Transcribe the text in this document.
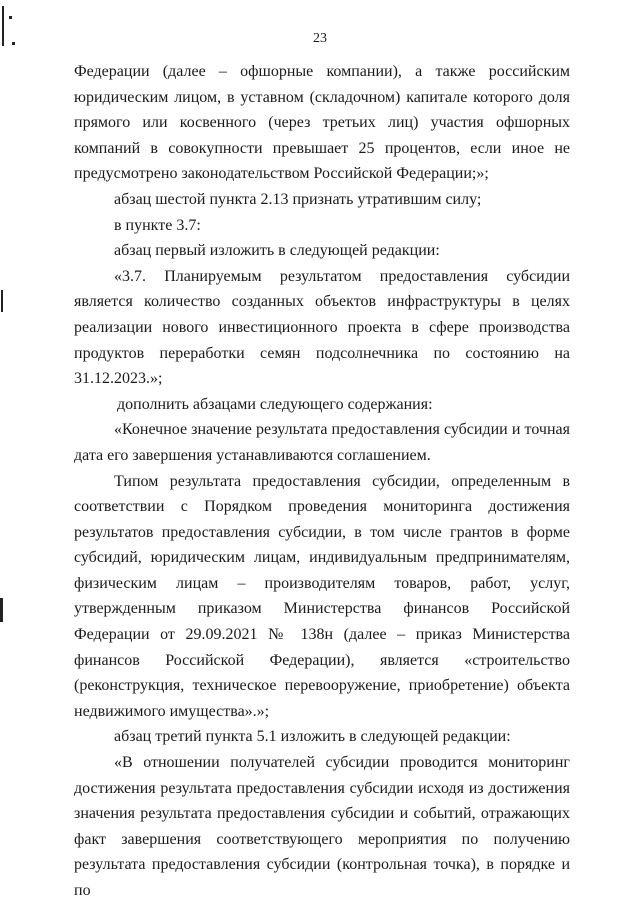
23

Федерации (далее – офшорные компании), а также российским юридическим лицом, в уставном (складочном) капитале которого доля прямого или косвенного (через третьих лиц) участия офшорных компаний в совокупности превышает 25 процентов, если иное не предусмотрено законодательством Российской Федерации;»;

абзац шестой пункта 2.13 признать утратившим силу;

в пункте 3.7:

абзац первый изложить в следующей редакции:

«3.7. Планируемым результатом предоставления субсидии является количество созданных объектов инфраструктуры в целях реализации нового инвестиционного проекта в сфере производства продуктов переработки семян подсолнечника по состоянию на 31.12.2023.»;

дополнить абзацами следующего содержания:

«Конечное значение результата предоставления субсидии и точная дата его завершения устанавливаются соглашением.

Типом результата предоставления субсидии, определенным в соответствии с Порядком проведения мониторинга достижения результатов предоставления субсидии, в том числе грантов в форме субсидий, юридическим лицам, индивидуальным предпринимателям, физическим лицам – производителям товаров, работ, услуг, утвержденным приказом Министерства финансов Российской Федерации от 29.09.2021 № 138н (далее – приказ Министерства финансов Российской Федерации), является «строительство (реконструкция, техническое перевооружение, приобретение) объекта недвижимого имущества».»;

абзац третий пункта 5.1 изложить в следующей редакции:

«В отношении получателей субсидии проводится мониторинг достижения результата предоставления субсидии исходя из достижения значения результата предоставления субсидии и событий, отражающих факт завершения соответствующего мероприятия по получению результата предоставления субсидии (контрольная точка), в порядке и по
